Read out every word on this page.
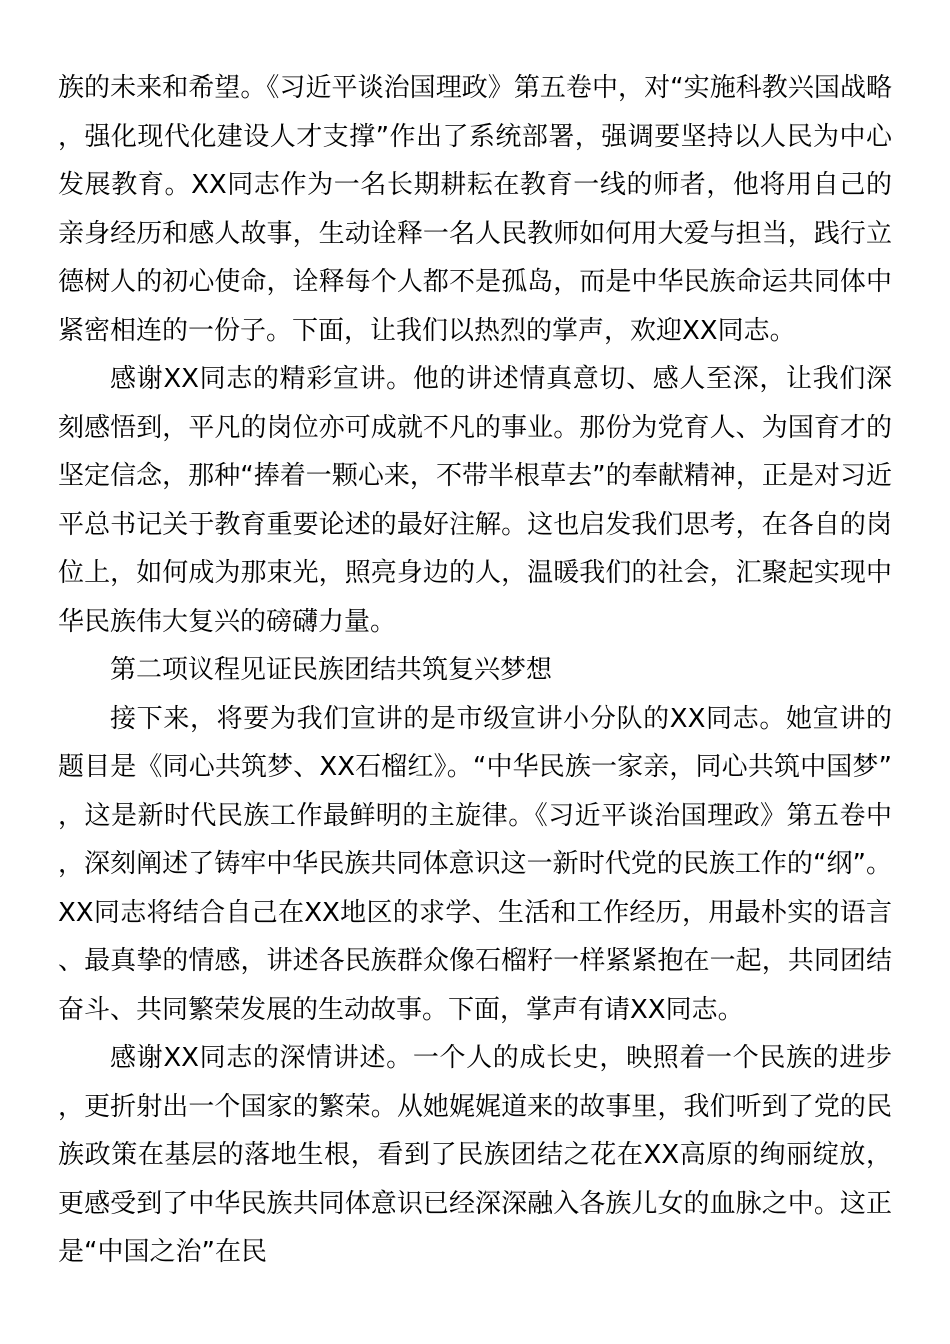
族的未来和希望。《习近平谈治国理政》第五卷中，对“实施科教兴国战略，强化现代化建设人才支撑”作出了系统部署，强调要坚持以人民为中心发展教育。XX同志作为一名长期耕耘在教育一线的师者，他将用自己的亲身经历和感人故事，生动诠释一名人民教师如何用大爱与担当，践行立德树人的初心使命，诠释每个人都不是孤岛，而是中华民族命运共同体中紧密相连的一份子。下面，让我们以热烈的掌声，欢迎XX同志。

感谢XX同志的精彩宣讲。他的讲述情真意切、感人至深，让我们深刻感悟到，平凡的岗位亦可成就不凡的事业。那份为党育人、为国育才的坚定信念，那种“捧着一颗心来，不带半根草去”的奉献精神，正是对习近平总书记关于教育重要论述的最好注解。这也启发我们思考，在各自的岗位上，如何成为那束光，照亮身边的人，温暖我们的社会，汇聚起实现中华民族伟大复兴的磅礴力量。

第二项议程见证民族团结共筑复兴梦想

接下来，将要为我们宣讲的是市级宣讲小分队的XX同志。她宣讲的题目是《同心共筑梦、XX石榴红》。“中华民族一家亲，同心共筑中国梦”，这是新时代民族工作最鲜明的主旋律。《习近平谈治国理政》第五卷中，深刻阐述了铸牢中华民族共同体意识这一新时代党的民族工作的“纲”。XX同志将结合自己在XX地区的求学、生活和工作经历，用最朴实的语言、最真挚的情感，讲述各民族群众像石榴籽一样紧紧抱在一起，共同团结奋斗、共同繁荣发展的生动故事。下面，掌声有请XX同志。

感谢XX同志的深情讲述。一个人的成长史，映照着一个民族的进步，更折射出一个国家的繁荣。从她娓娓道来的故事里，我们听到了党的民族政策在基层的落地生根，看到了民族团结之花在XX高原的绚丽绽放，更感受到了中华民族共同体意识已经深深融入各族儿女的血脉之中。这正是“中国之治”在民
